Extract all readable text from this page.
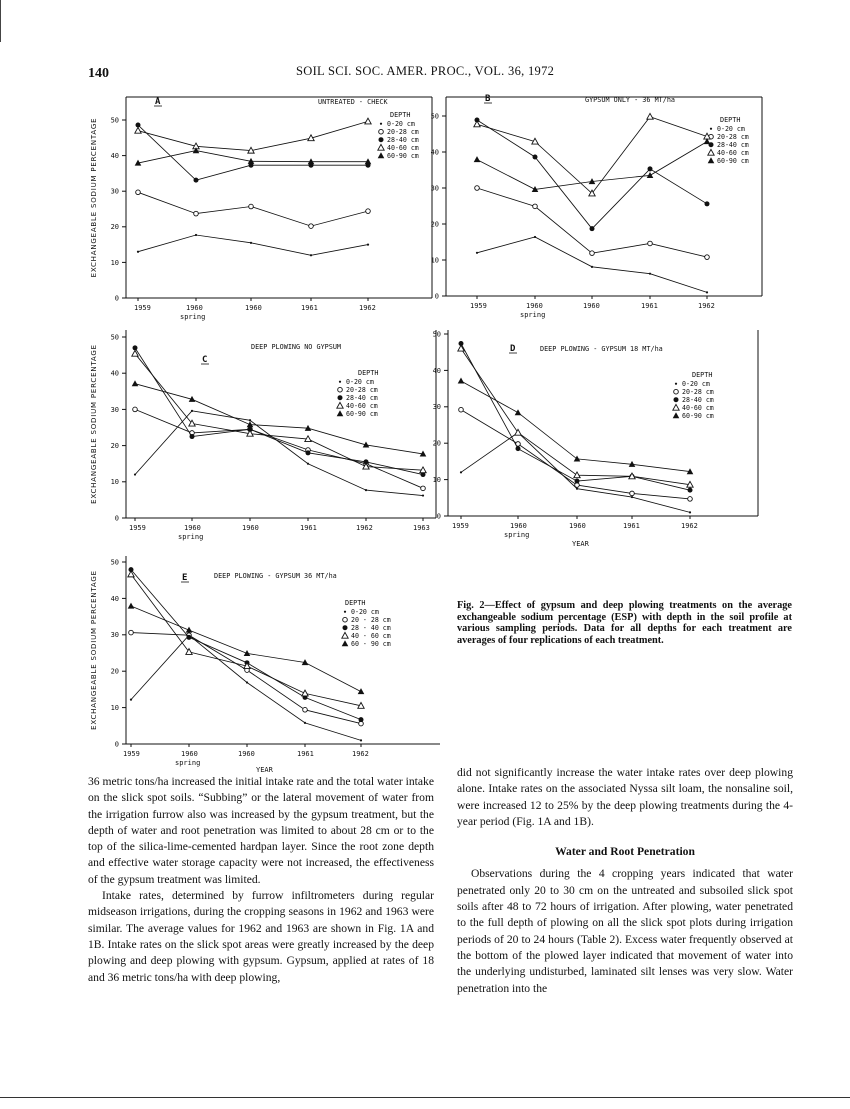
140	SOIL SCI. SOC. AMER. PROC., VOL. 36, 1972
0
10
20
30
40
50
1959	1960
spring
1960	1961	1962
A	UNTREATED - CHECK
DEPTH
0-20 cm
20-28 cm
28-40 cm
40-60 cm
60-90 cm
EXCHANGEABLE SODIUM PERCENTAGE
0
10
20
30
40
50
1959	1960
spring
1960	1961	1962
B	GYPSUM ONLY - 36 MT/ha
DEPTH
0-20 cm
20-28 cm
28-40 cm
40-60 cm
60-90 cm
0
10
20
30
40
50
1959	1960
spring
1960	1961	1962	1963
C
DEEP PLOWING NO GYPSUM
DEPTH
0-20 cm
20-28 cm
28-40 cm
40-60 cm
60-90 cm
EXCHANGEABLE SODIUM PERCENTAGE
0
10
20
30
40
50
1959	1960
spring
1960	1961	1962
D	DEEP PLOWING - GYPSUM 18 MT/ha
DEPTH
0-20 cm
20-28 cm
28-40 cm
40-60 cm
60-90 cm
0
10
20
30
40
50
1959	1960
spring
1960	1961	1962
E	DEEP PLOWING - GYPSUM 36 MT/ha
DEPTH
0-20 cm
20 - 28 cm
28 - 40 cm
40 - 60 cm
60 - 90 cm
EXCHANGEABLE SODIUM PERCENTAGE
YEAR
YEAR
Fig. 2—Effect of gypsum and deep plowing treatments on the average exchangeable sodium percentage (ESP) with depth in the soil profile at various sampling periods. Data for all depths for each treatment are averages of four replications of each treatment.

36 metric tons/ha increased the initial intake rate and the total water intake on the slick spot soils. “Subbing” or the lateral movement of water from the irrigation furrow also was increased by the gypsum treatment, but the depth of water and root penetration was limited to about 28 cm or to the top of the silica-lime-cemented hardpan layer. Since the root zone depth and effective water storage capacity were not increased, the effectiveness of the gypsum treatment was limited.

Intake rates, determined by furrow infiltrometers during regular midseason irrigations, during the cropping seasons in 1962 and 1963 were similar. The average values for 1962 and 1963 are shown in Fig. 1A and 1B. Intake rates on the slick spot areas were greatly increased by the deep plowing and deep plowing with gypsum. Gypsum, applied at rates of 18 and 36 metric tons/ha with deep plowing,

did not significantly increase the water intake rates over deep plowing alone. Intake rates on the associated Nyssa silt loam, the nonsaline soil, were increased 12 to 25% by the deep plowing treatments during the 4-year period (Fig. 1A and 1B).

Water and Root Penetration

Observations during the 4 cropping years indicated that water penetrated only 20 to 30 cm on the untreated and subsoiled slick spot soils after 48 to 72 hours of irrigation. After plowing, water penetrated to the full depth of plowing on all the slick spot plots during irrigation periods of 20 to 24 hours (Table 2). Excess water frequently observed at the bottom of the plowed layer indicated that movement of water into the underlying undisturbed, laminated silt lenses was very slow. Water penetration into the
